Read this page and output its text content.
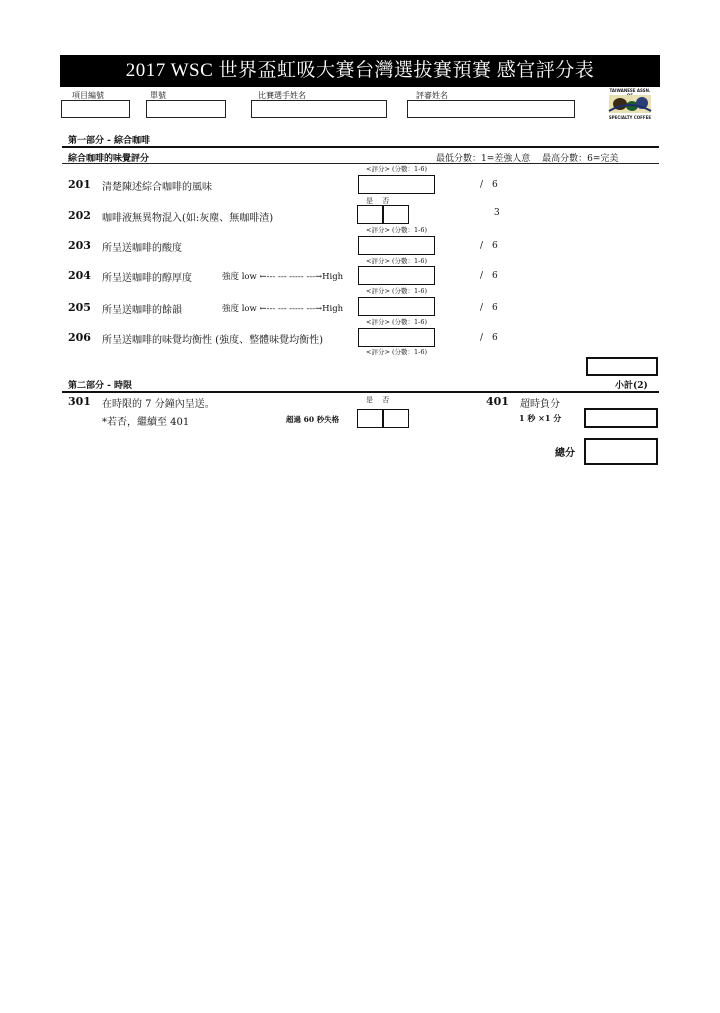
2017 WSC 世界盃虹吸大賽台灣選拔賽預賽 感官評分表
項目編號	單號	比賽選手姓名	評審姓名
TAIWANESE ASSN.
SPECIALTY COFFEE
第一部分 - 綜合咖啡
綜合咖啡的味覺評分	最低分數：1=差強人意　 最高分數：6=完美
<評分> (分數：1-6)
201 清楚陳述綜合咖啡的風味	/　6
是　 否
202 咖啡液無異物混入(如:灰塵、無咖啡渣)	3
<評分> (分數：1-6)
203 所呈送咖啡的酸度	/　6
<評分> (分數：1-6)
204 所呈送咖啡的醇厚度	強度 low ←--- --- ----- ---→High	/　6
<評分> (分數：1-6)
205 所呈送咖啡的餘韻	強度 low ←--- --- ----- ---→High	/　6
<評分> (分數：1-6)
206 所呈送咖啡的味覺均衡性 (強度、整體味覺均衡性)	/　6
<評分> (分數：1-6)
第二部分 - 時限	小計(2)
是　 否
301 在時限的 7 分鐘內呈送。
*若否，繼續至 401	超過 60 秒失格
401 超時負分
1 秒 ×1 分
總分
